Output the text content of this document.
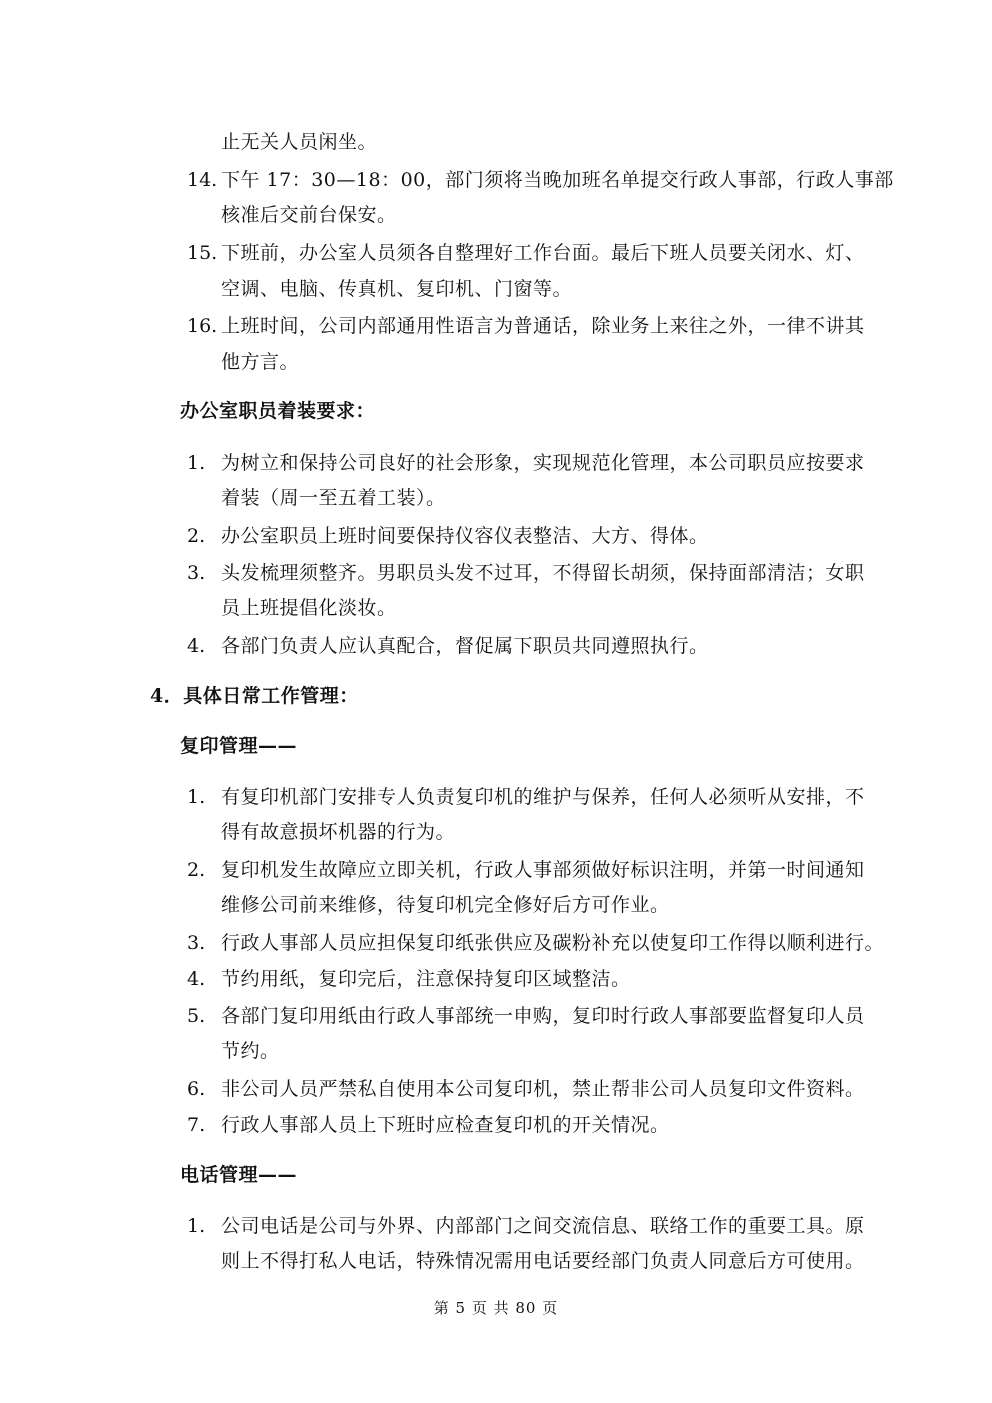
止无关人员闲坐。
14. 下午 17：30—18：00，部门须将当晚加班名单提交行政人事部，行政人事部
核准后交前台保安。
15. 下班前，办公室人员须各自整理好工作台面。最后下班人员要关闭水、灯、
空调、电脑、传真机、复印机、门窗等。
16. 上班时间，公司内部通用性语言为普通话，除业务上来往之外，一律不讲其
他方言。
办公室职员着装要求：
1. 为树立和保持公司良好的社会形象，实现规范化管理，本公司职员应按要求
着装（周一至五着工装）。
2. 办公室职员上班时间要保持仪容仪表整洁、大方、得体。
3. 头发梳理须整齐。男职员头发不过耳，不得留长胡须，保持面部清洁；女职
员上班提倡化淡妆。
4. 各部门负责人应认真配合，督促属下职员共同遵照执行。
4．具体日常工作管理：
复印管理——
1. 有复印机部门安排专人负责复印机的维护与保养，任何人必须听从安排，不
得有故意损坏机器的行为。
2. 复印机发生故障应立即关机，行政人事部须做好标识注明，并第一时间通知
维修公司前来维修，待复印机完全修好后方可作业。
3. 行政人事部人员应担保复印纸张供应及碳粉补充以使复印工作得以顺利进行。
4. 节约用纸，复印完后，注意保持复印区域整洁。
5. 各部门复印用纸由行政人事部统一申购，复印时行政人事部要监督复印人员
节约。
6. 非公司人员严禁私自使用本公司复印机，禁止帮非公司人员复印文件资料。
7. 行政人事部人员上下班时应检查复印机的开关情况。
电话管理——
1. 公司电话是公司与外界、内部部门之间交流信息、联络工作的重要工具。原
则上不得打私人电话，特殊情况需用电话要经部门负责人同意后方可使用。
第 5 页 共 80 页
